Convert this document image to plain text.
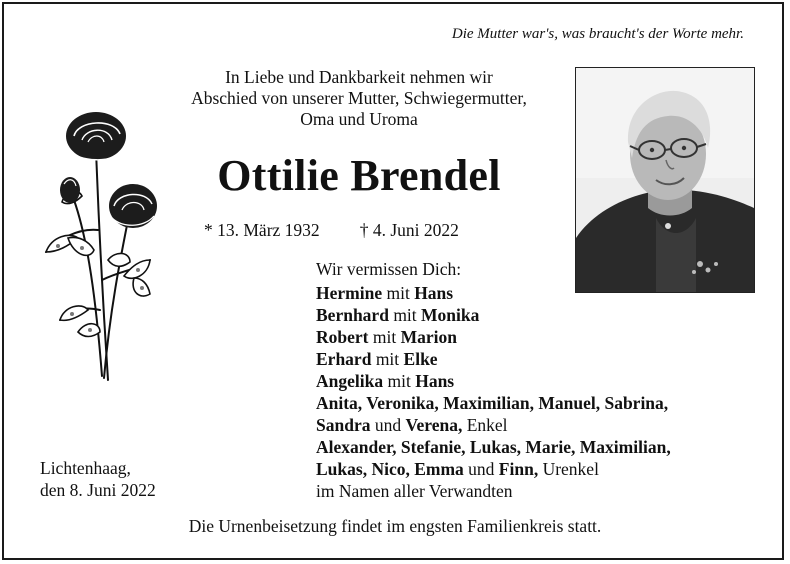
Die Mutter war's, was braucht's der Worte mehr.
In Liebe und Dankbarkeit nehmen wir
Abschied von unserer Mutter, Schwiegermutter,
Oma und Uroma
Ottilie Brendel
* 13. März 1932 † 4. Juni 2022
Wir vermissen Dich:
Hermine mit Hans
Bernhard mit Monika
Robert mit Marion
Erhard mit Elke
Angelika mit Hans
Anita, Veronika, Maximilian, Manuel, Sabrina,
Sandra und Verena, Enkel
Alexander, Stefanie, Lukas, Marie, Maximilian,
Lukas, Nico, Emma und Finn, Urenkel
im Namen aller Verwandten
Lichtenhaag,
den 8. Juni 2022
Die Urnenbeisetzung findet im engsten Familienkreis statt.
